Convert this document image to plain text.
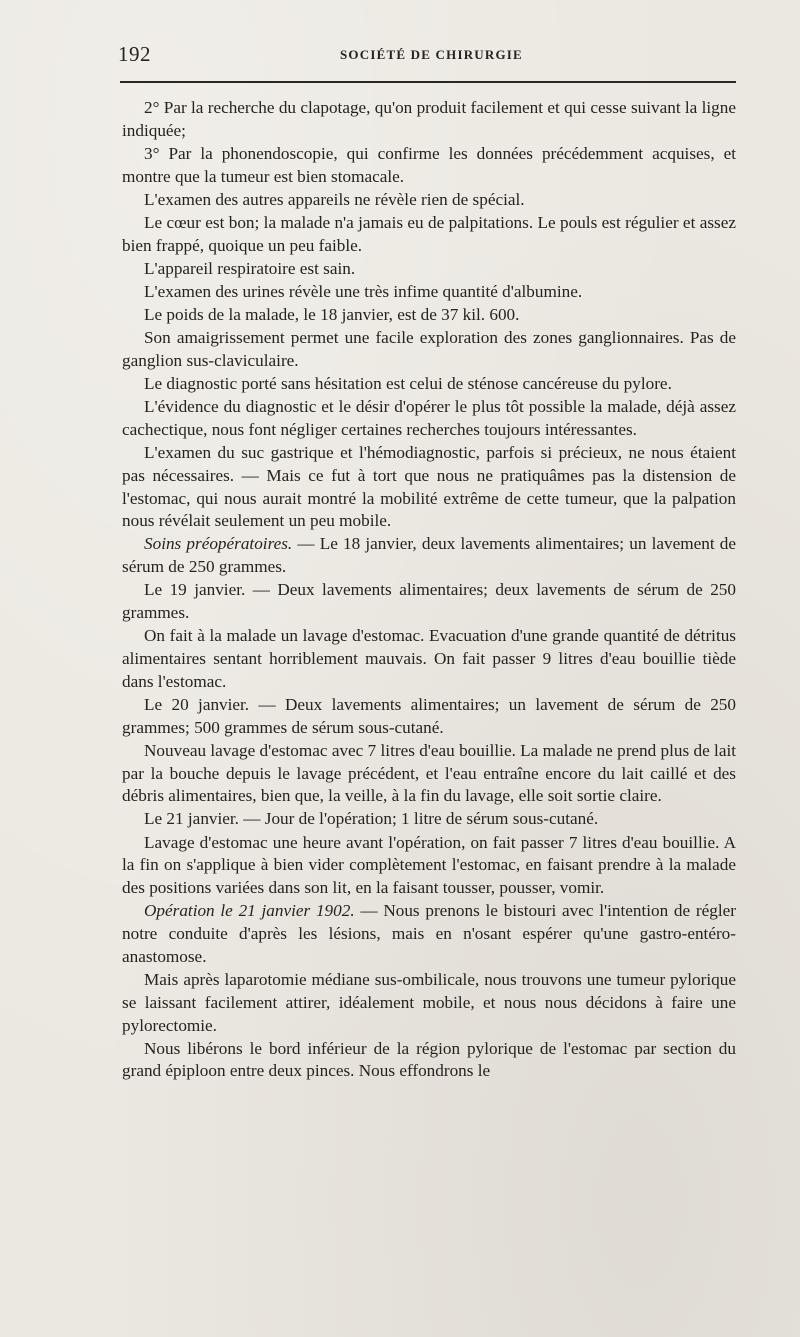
192	SOCIÉTÉ DE CHIRURGIE

2° Par la recherche du clapotage, qu'on produit facilement et qui cesse suivant la ligne indiquée;

3° Par la phonendoscopie, qui confirme les données précédemment acquises, et montre que la tumeur est bien stomacale.

L'examen des autres appareils ne révèle rien de spécial.

Le cœur est bon; la malade n'a jamais eu de palpitations. Le pouls est régulier et assez bien frappé, quoique un peu faible.

L'appareil respiratoire est sain.

L'examen des urines révèle une très infime quantité d'albumine.

Le poids de la malade, le 18 janvier, est de 37 kil. 600.

Son amaigrissement permet une facile exploration des zones ganglionnaires. Pas de ganglion sus-claviculaire.

Le diagnostic porté sans hésitation est celui de sténose cancéreuse du pylore.

L'évidence du diagnostic et le désir d'opérer le plus tôt possible la malade, déjà assez cachectique, nous font négliger certaines recherches toujours intéressantes.

L'examen du suc gastrique et l'hémodiagnostic, parfois si précieux, ne nous étaient pas nécessaires. — Mais ce fut à tort que nous ne pratiquâmes pas la distension de l'estomac, qui nous aurait montré la mobilité extrême de cette tumeur, que la palpation nous révélait seulement un peu mobile.

Soins préopératoires. — Le 18 janvier, deux lavements alimentaires; un lavement de sérum de 250 grammes.

Le 19 janvier. — Deux lavements alimentaires; deux lavements de sérum de 250 grammes.

On fait à la malade un lavage d'estomac. Evacuation d'une grande quantité de détritus alimentaires sentant horriblement mauvais. On fait passer 9 litres d'eau bouillie tiède dans l'estomac.

Le 20 janvier. — Deux lavements alimentaires; un lavement de sérum de 250 grammes; 500 grammes de sérum sous-cutané.

Nouveau lavage d'estomac avec 7 litres d'eau bouillie. La malade ne prend plus de lait par la bouche depuis le lavage précédent, et l'eau entraîne encore du lait caillé et des débris alimentaires, bien que, la veille, à la fin du lavage, elle soit sortie claire.

Le 21 janvier. — Jour de l'opération; 1 litre de sérum sous-cutané.

Lavage d'estomac une heure avant l'opération, on fait passer 7 litres d'eau bouillie. A la fin on s'applique à bien vider complètement l'estomac, en faisant prendre à la malade des positions variées dans son lit, en la faisant tousser, pousser, vomir.

Opération le 21 janvier 1902. — Nous prenons le bistouri avec l'intention de régler notre conduite d'après les lésions, mais en n'osant espérer qu'une gastro-entéro-anastomose.

Mais après laparotomie médiane sus-ombilicale, nous trouvons une tumeur pylorique se laissant facilement attirer, idéalement mobile, et nous nous décidons à faire une pylorectomie.

Nous libérons le bord inférieur de la région pylorique de l'estomac par section du grand épiploon entre deux pinces. Nous effondrons le
